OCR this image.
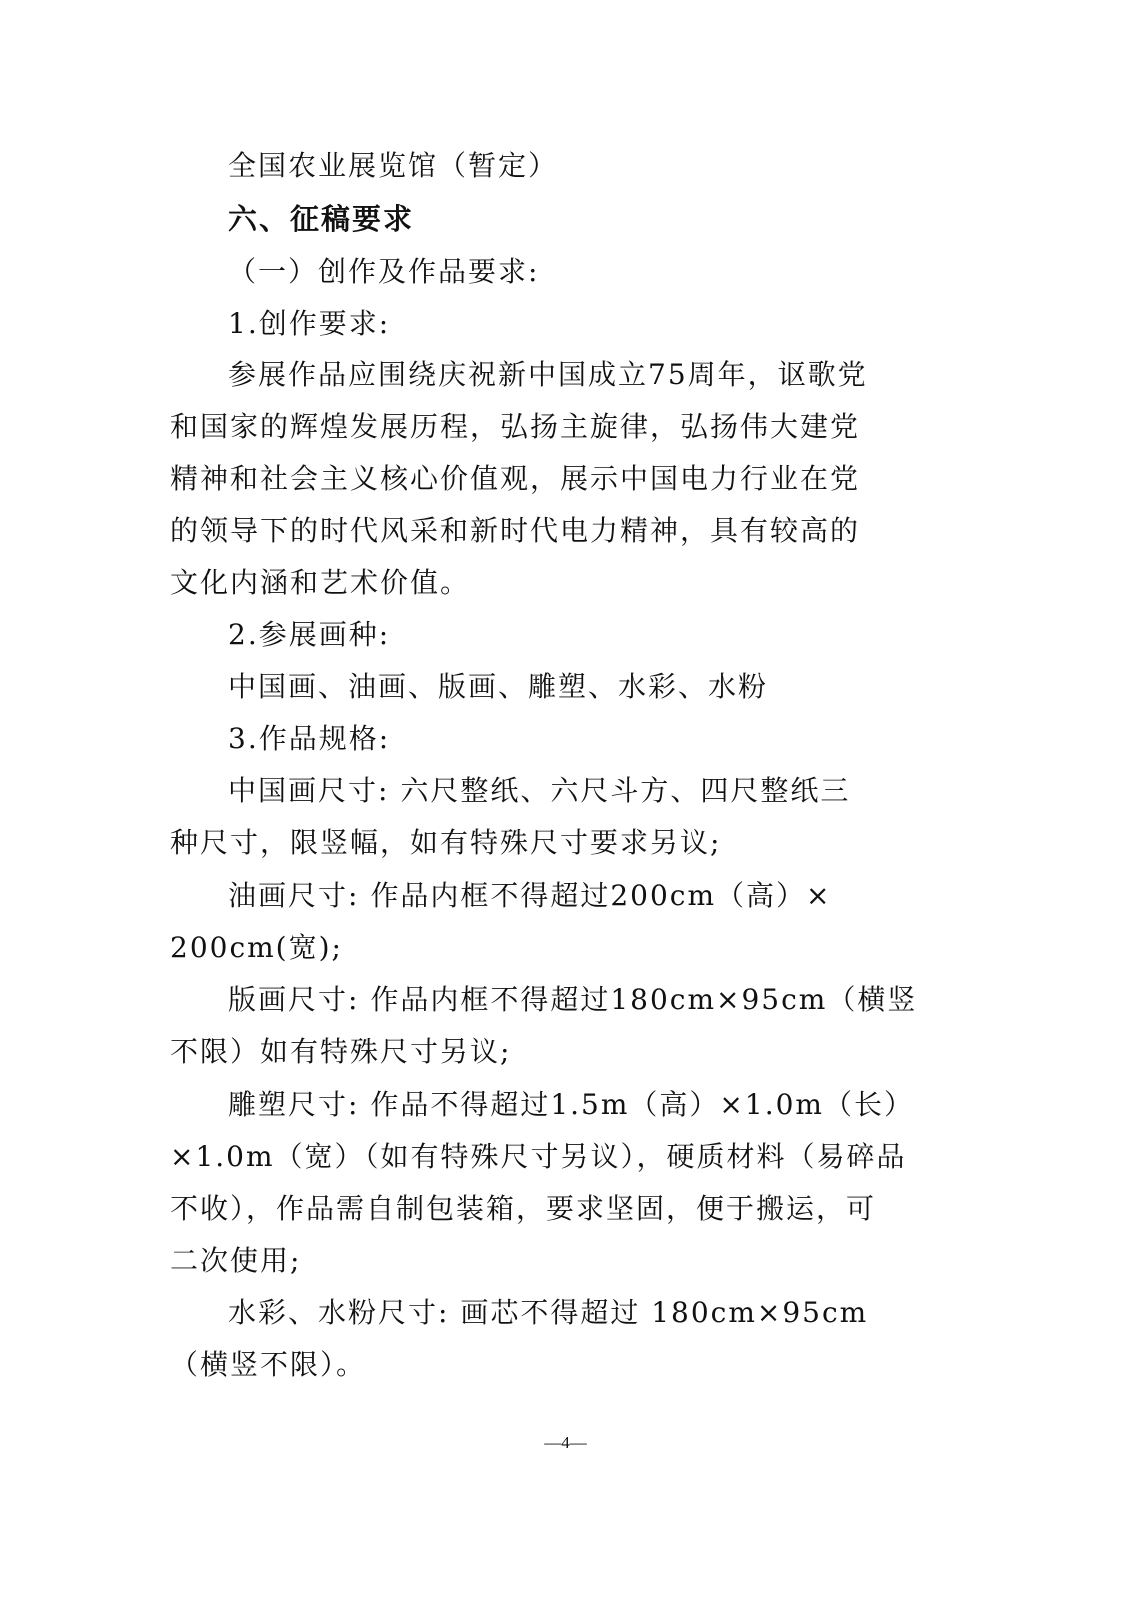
全国农业展览馆（暂定）
六、征稿要求
（一）创作及作品要求:
1.创作要求:
参展作品应围绕庆祝新中国成立75周年，讴歌党
和国家的辉煌发展历程，弘扬主旋律，弘扬伟大建党
精神和社会主义核心价值观，展示中国电力行业在党
的领导下的时代风采和新时代电力精神，具有较高的
文化内涵和艺术价值。
2.参展画种:
中国画、油画、版画、雕塑、水彩、水粉
3.作品规格:
中国画尺寸: 六尺整纸、六尺斗方、四尺整纸三
种尺寸，限竖幅，如有特殊尺寸要求另议;
油画尺寸: 作品内框不得超过200cm（高）×
200cm(宽);
版画尺寸: 作品内框不得超过180cm×95cm（横竖
不限）如有特殊尺寸另议;
雕塑尺寸: 作品不得超过1.5m（高）×1.0m（长）
×1.0m（宽）（如有特殊尺寸另议），硬质材料（易碎品
不收），作品需自制包装箱，要求坚固，便于搬运，可
二次使用;
水彩、水粉尺寸: 画芯不得超过 180cm×95cm
（横竖不限）。
—4—
